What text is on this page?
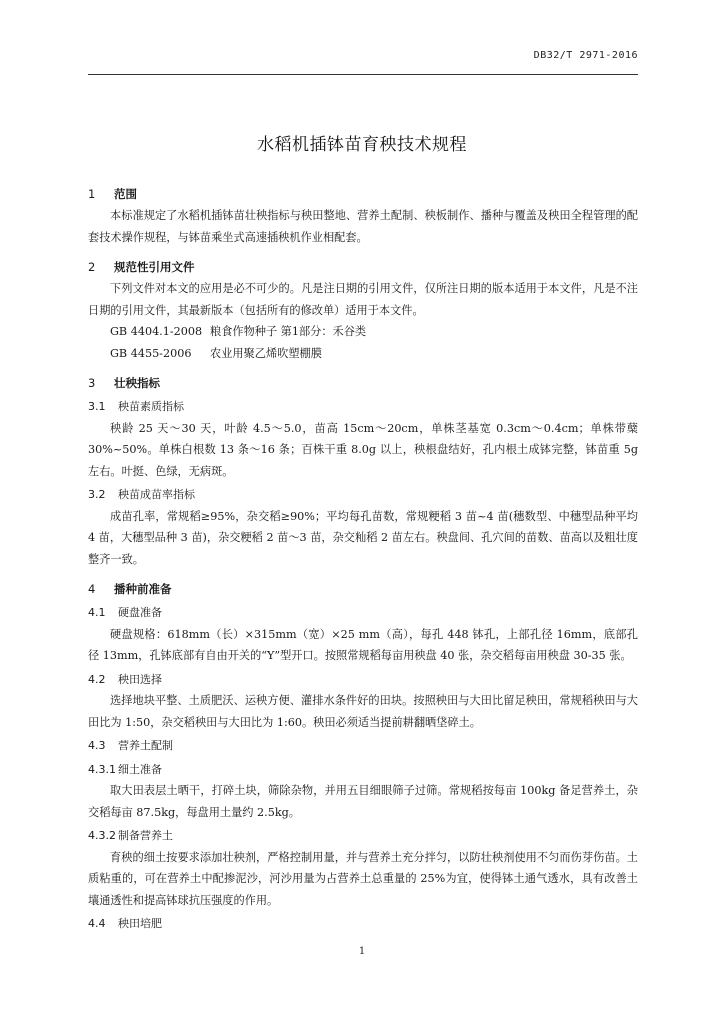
DB32/T 2971-2016
水稻机插钵苗育秧技术规程
1 范围

本标准规定了水稻机插钵苗壮秧指标与秧田整地、营养土配制、秧板制作、播种与覆盖及秧田全程管理的配套技术操作规程，与钵苗乘坐式高速插秧机作业相配套。

2 规范性引用文件

下列文件对本文的应用是必不可少的。凡是注日期的引用文件，仅所注日期的版本适用于本文件，凡是不注日期的引用文件，其最新版本（包括所有的修改单）适用于本文件。

GB 4404.1-2008 粮食作物种子 第1部分：禾谷类

GB 4455-2006 农业用聚乙烯吹塑棚膜

3 壮秧指标
3.1 秧苗素质指标

秧龄 25 天～30 天，叶龄 4.5～5.0，苗高 15cm～20cm，单株茎基宽 0.3cm～0.4cm；单株带蘖30%~50%。单株白根数 13 条～16 条；百株干重 8.0g 以上，秧根盘结好，孔内根土成钵完整，钵苗重 5g 左右。叶挺、色绿，无病斑。

3.2 秧苗成苗率指标

成苗孔率，常规稻≥95%，杂交稻≥90%；平均每孔苗数，常规粳稻 3 苗~4 苗(穗数型、中穗型品种平均 4 苗，大穗型品种 3 苗)，杂交粳稻 2 苗～3 苗，杂交籼稻 2 苗左右。秧盘间、孔穴间的苗数、苗高以及粗壮度整齐一致。

4 播种前准备
4.1 硬盘准备

硬盘规格：618mm（长）×315mm（宽）×25 mm（高），每孔 448 钵孔，上部孔径 16mm，底部孔径 13mm，孔钵底部有自由开关的“Y”型开口。按照常规稻每亩用秧盘 40 张，杂交稻每亩用秧盘 30-35 张。

4.2 秧田选择

选择地块平整、土质肥沃、运秧方便、灌排水条件好的田块。按照秧田与大田比留足秧田，常规稻秧田与大田比为 1:50，杂交稻秧田与大田比为 1:60。秧田必须适当提前耕翻晒垡碎土。

4.3 营养土配制
4.3.1 细土准备

取大田表层土晒干，打碎土块，筛除杂物，并用五目细眼筛子过筛。常规稻按每亩 100kg 备足营养土，杂交稻每亩 87.5kg，每盘用土量约 2.5kg。

4.3.2 制备营养土

育秧的细土按要求添加壮秧剂，严格控制用量，并与营养土充分拌匀，以防壮秧剂使用不匀而伤芽伤苗。土质粘重的，可在营养土中配掺泥沙，河沙用量为占营养土总重量的 25%为宜，使得钵土通气透水，具有改善土壤通透性和提高钵球抗压强度的作用。

4.4 秧田培肥
1
